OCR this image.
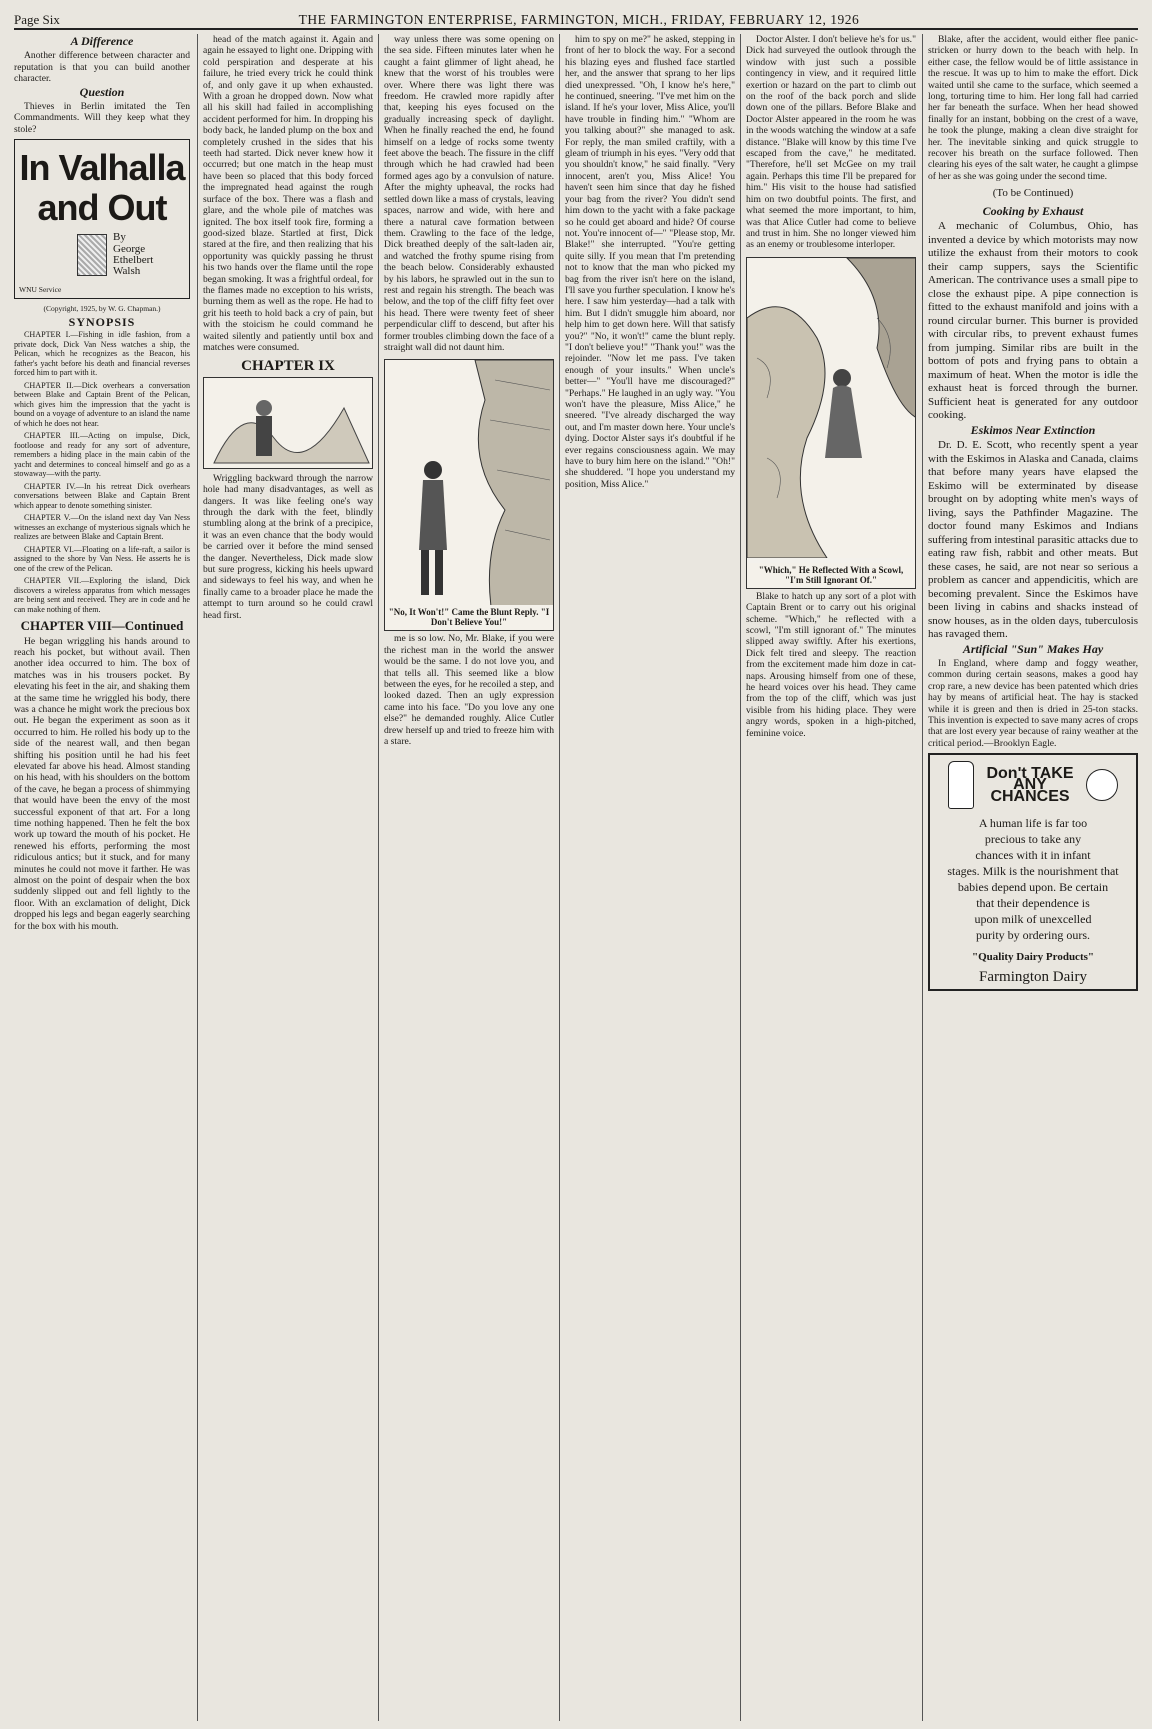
Page Six	THE FARMINGTON ENTERPRISE, FARMINGTON, MICH., FRIDAY, FEBRUARY 12, 1926
A Difference

Another difference between character and reputation is that you can build another character.

Question

Thieves in Berlin imitated the Ten Commandments. Will they keep what they stole?

In Valhalla and Out
By
George Ethelbert Walsh
WNU Service
(Copyright, 1925, by W. G. Chapman.)
SYNOPSIS

CHAPTER I.—Fishing in idle fashion, from a private dock, Dick Van Ness watches a ship, the Pelican, which he recognizes as the Beacon, his father's yacht before his death and financial reverses forced him to part with it.

CHAPTER II.—Dick overhears a conversation between Blake and Captain Brent of the Pelican, which gives him the impression that the yacht is bound on a voyage of adventure to an island the name of which he does not hear.

CHAPTER III.—Acting on impulse, Dick, footloose and ready for any sort of adventure, remembers a hiding place in the main cabin of the yacht and determines to conceal himself and go as a stowaway—with the party.

CHAPTER IV.—In his retreat Dick overhears conversations between Blake and Captain Brent which appear to denote something sinister.

CHAPTER V.—On the island next day Van Ness witnesses an exchange of mysterious signals which he realizes are between Blake and Captain Brent.

CHAPTER VI.—Floating on a life-raft, a sailor is assigned to the shore by Van Ness. He asserts he is one of the crew of the Pelican.

CHAPTER VII.—Exploring the island, Dick discovers a wireless apparatus from which messages are being sent and received. They are in code and he can make nothing of them.

CHAPTER VIII—Continued

He began wriggling his hands around to reach his pocket, but without avail. Then another idea occurred to him. The box of matches was in his trousers pocket. By elevating his feet in the air, and shaking them at the same time he wriggled his body, there was a chance he might work the precious box out. He began the experiment as soon as it occurred to him. He rolled his body up to the side of the nearest wall, and then began shifting his position until he had his feet elevated far above his head. Almost standing on his head, with his shoulders on the bottom of the cave, he began a process of shimmying that would have been the envy of the most successful exponent of that art. For a long time nothing happened. Then he felt the box work up toward the mouth of his pocket. He renewed his efforts, performing the most ridiculous antics; but it stuck, and for many minutes he could not move it farther. He was almost on the point of despair when the box suddenly slipped out and fell lightly to the floor. With an exclamation of delight, Dick dropped his legs and began eagerly searching for the box with his mouth.

head of the match against it. Again and again he essayed to light one. Dripping with cold perspiration and desperate at his failure, he tried every trick he could think of, and only gave it up when exhausted. With a groan he dropped down. Now what all his skill had failed in accomplishing accident performed for him. In dropping his body back, he landed plump on the box and completely crushed in the sides that his teeth had started. Dick never knew how it occurred; but one match in the heap must have been so placed that this body forced the impregnated head against the rough surface of the box. There was a flash and glare, and the whole pile of matches was ignited. The box itself took fire, forming a good-sized blaze. Startled at first, Dick stared at the fire, and then realizing that his opportunity was quickly passing he thrust his two hands over the flame until the rope began smoking. It was a frightful ordeal, for the flames made no exception to his wrists, burning them as well as the rope. He had to grit his teeth to hold back a cry of pain, but with the stoicism he could command he waited silently and patiently until box and matches were consumed.

CHAPTER IX

Wriggling backward through the narrow hole had many disadvantages, as well as dangers. It was like feeling one's way through the dark with the feet, blindly stumbling along at the brink of a precipice, it was an even chance that the body would be carried over it before the mind sensed the danger. Nevertheless, Dick made slow but sure progress, kicking his heels upward and sideways to feel his way, and when he finally came to a broader place he made the attempt to turn around so he could crawl head first.

way unless there was some opening on the sea side. Fifteen minutes later when he caught a faint glimmer of light ahead, he knew that the worst of his troubles were over. Where there was light there was freedom. He crawled more rapidly after that, keeping his eyes focused on the gradually increasing speck of daylight. When he finally reached the end, he found himself on a ledge of rocks some twenty feet above the beach. The fissure in the cliff through which he had crawled had been formed ages ago by a convulsion of nature. After the mighty upheaval, the rocks had settled down like a mass of crystals, leaving spaces, narrow and wide, with here and there a natural cave formation between them. Crawling to the face of the ledge, Dick breathed deeply of the salt-laden air, and watched the frothy spume rising from the beach below. Considerably exhausted by his labors, he sprawled out in the sun to rest and regain his strength. The beach was below, and the top of the cliff fifty feet over his head. There were twenty feet of sheer perpendicular cliff to descend, but after his former troubles climbing down the face of a straight wall did not daunt him.

"No, It Won't!" Came the Blunt Reply. "I Don't Believe You!"

me is so low. No, Mr. Blake, if you were the richest man in the world the answer would be the same. I do not love you, and that tells all. This seemed like a blow between the eyes, for he recoiled a step, and looked dazed. Then an ugly expression came into his face. "Do you love any one else?" he demanded roughly. Alice Cutler drew herself up and tried to freeze him with a stare.

him to spy on me?" he asked, stepping in front of her to block the way. For a second his blazing eyes and flushed face startled her, and the answer that sprang to her lips died unexpressed. "Oh, I know he's here," he continued, sneering. "I've met him on the island. If he's your lover, Miss Alice, you'll have trouble in finding him." "Whom are you talking about?" she managed to ask. For reply, the man smiled craftily, with a gleam of triumph in his eyes. "Very odd that you shouldn't know," he said finally. "Very innocent, aren't you, Miss Alice! You haven't seen him since that day he fished your bag from the river? You didn't send him down to the yacht with a fake package so he could get aboard and hide? Of course not. You're innocent of—" "Please stop, Mr. Blake!" she interrupted. "You're getting quite silly. If you mean that I'm pretending not to know that the man who picked my bag from the river isn't here on the island, I'll save you further speculation. I know he's here. I saw him yesterday—had a talk with him. But I didn't smuggle him aboard, nor help him to get down here. Will that satisfy you?" "No, it won't!" came the blunt reply. "I don't believe you!" "Thank you!" was the rejoinder. "Now let me pass. I've taken enough of your insults." When uncle's better—" "You'll have me discouraged?" "Perhaps." He laughed in an ugly way. "You won't have the pleasure, Miss Alice," he sneered. "I've already discharged the way out, and I'm master down here. Your uncle's dying. Doctor Alster says it's doubtful if he ever regains consciousness again. We may have to bury him here on the island." "Oh!" she shuddered. "I hope you understand my position, Miss Alice."

Doctor Alster. I don't believe he's for us." Dick had surveyed the outlook through the window with just such a possible contingency in view, and it required little exertion or hazard on the part to climb out on the roof of the back porch and slide down one of the pillars. Before Blake and Doctor Alster appeared in the room he was in the woods watching the window at a safe distance. "Blake will know by this time I've escaped from the cave," he meditated. "Therefore, he'll set McGee on my trail again. Perhaps this time I'll be prepared for him." His visit to the house had satisfied him on two doubtful points. The first, and what seemed the more important, to him, was that Alice Cutler had come to believe and trust in him. She no longer viewed him as an enemy or troublesome interloper.

"Which," He Reflected With a Scowl,
"I'm Still Ignorant Of."

Blake to hatch up any sort of a plot with Captain Brent or to carry out his original scheme. "Which," he reflected with a scowl, "I'm still ignorant of." The minutes slipped away swiftly. After his exertions, Dick felt tired and sleepy. The reaction from the excitement made him doze in cat-naps. Arousing himself from one of these, he heard voices over his head. They came from the top of the cliff, which was just visible from his hiding place. They were angry words, spoken in a high-pitched, feminine voice.

Blake, after the accident, would either flee panic-stricken or hurry down to the beach with help. In either case, the fellow would be of little assistance in the rescue. It was up to him to make the effort. Dick waited until she came to the surface, which seemed a long, torturing time to him. Her long fall had carried her far beneath the surface. When her head showed finally for an instant, bobbing on the crest of a wave, he took the plunge, making a clean dive straight for her. The inevitable sinking and quick struggle to recover his breath on the surface followed. Then clearing his eyes of the salt water, he caught a glimpse of her as she was going under the second time.

(To be Continued)
Cooking by Exhaust

A mechanic of Columbus, Ohio, has invented a device by which motorists may now utilize the exhaust from their motors to cook their camp suppers, says the Scientific American. The contrivance uses a small pipe to close the exhaust pipe. A pipe connection is fitted to the exhaust manifold and joins with a round circular burner. This burner is provided with circular ribs, to prevent exhaust fumes from jumping. Similar ribs are built in the bottom of pots and frying pans to obtain a maximum of heat. When the motor is idle the exhaust heat is forced through the burner. Sufficient heat is generated for any outdoor cooking.

Eskimos Near Extinction

Dr. D. E. Scott, who recently spent a year with the Eskimos in Alaska and Canada, claims that before many years have elapsed the Eskimo will be exterminated by disease brought on by adopting white men's ways of living, says the Pathfinder Magazine. The doctor found many Eskimos and Indians suffering from intestinal parasitic attacks due to eating raw fish, rabbit and other meats. But these cases, he said, are not near so serious a problem as cancer and appendicitis, which are becoming prevalent. Since the Eskimos have been living in cabins and shacks instead of snow houses, as in the olden days, tuberculosis has ravaged them.

Artificial "Sun" Makes Hay

In England, where damp and foggy weather, common during certain seasons, makes a good hay crop rare, a new device has been patented which dries hay by means of artificial heat. The hay is stacked while it is green and then is dried in 25-ton stacks. This invention is expected to save many acres of crops that are lost every year because of rainy weather at the critical period.—Brooklyn Eagle.

Don't TAKE ANY CHANCES
A human life is far too
precious to take any
chances with it in infant
stages. Milk is the nourishment that babies depend upon. Be certain
that their dependence is
upon milk of unexcelled
purity by ordering ours.
"Quality Dairy Products"
Farmington Dairy
